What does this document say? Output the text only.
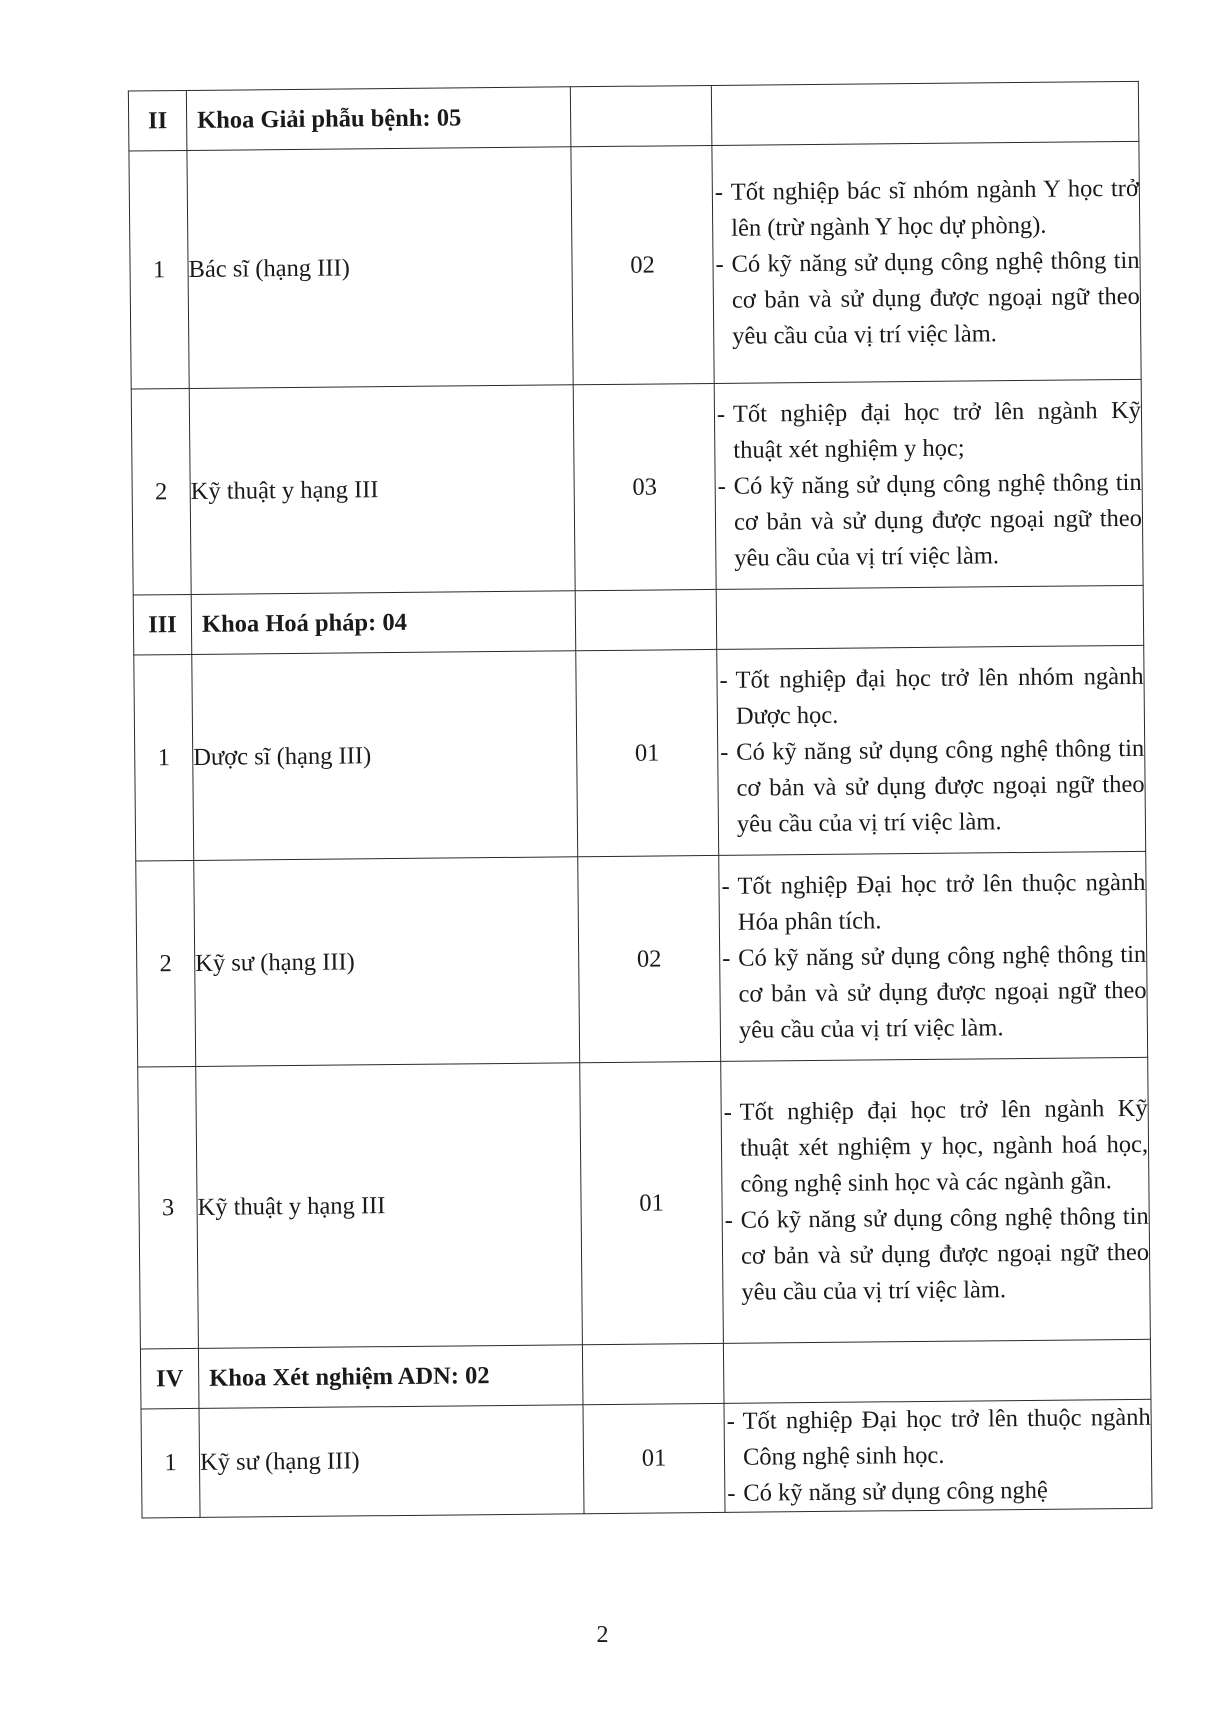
II	Khoa Giải phẫu bệnh: 05		
1	Bác sĩ (hạng III)	02	- Tốt nghiệp bác sĩ nhóm ngành Y học trở lên (trừ ngành Y học dự phòng).
- Có kỹ năng sử dụng công nghệ thông tin cơ bản và sử dụng được ngoại ngữ theo yêu cầu của vị trí việc làm.

2	Kỹ thuật y hạng III	03	- Tốt nghiệp đại học trở lên ngành Kỹ thuật xét nghiệm y học;
- Có kỹ năng sử dụng công nghệ thông tin cơ bản và sử dụng được ngoại ngữ theo yêu cầu của vị trí việc làm.

III	Khoa Hoá pháp: 04		
1	Dược sĩ (hạng III)	01	- Tốt nghiệp đại học trở lên nhóm ngành Dược học.
- Có kỹ năng sử dụng công nghệ thông tin cơ bản và sử dụng được ngoại ngữ theo yêu cầu của vị trí việc làm.

2	Kỹ sư (hạng III)	02	- Tốt nghiệp Đại học trở lên thuộc ngành Hóa phân tích.
- Có kỹ năng sử dụng công nghệ thông tin cơ bản và sử dụng được ngoại ngữ theo yêu cầu của vị trí việc làm.

3	Kỹ thuật y hạng III	01	- Tốt nghiệp đại học trở lên ngành Kỹ thuật xét nghiệm y học, ngành hoá học, công nghệ sinh học và các ngành gần.
- Có kỹ năng sử dụng công nghệ thông tin cơ bản và sử dụng được ngoại ngữ theo yêu cầu của vị trí việc làm.

IV	Khoa Xét nghiệm ADN: 02		
1	Kỹ sư (hạng III)	01	- Tốt nghiệp Đại học trở lên thuộc ngành Công nghệ sinh học.
- Có kỹ năng sử dụng công nghệ
2
